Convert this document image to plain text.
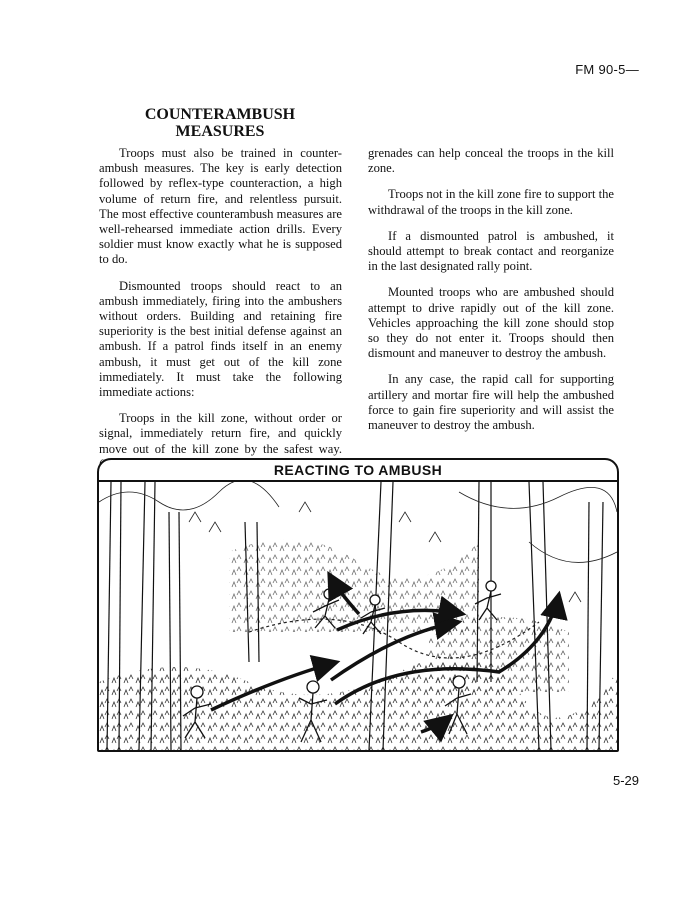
FM 90-5—
COUNTERAMBUSH
MEASURES

Troops must also be trained in counter-ambush measures. The key is early detection followed by reflex-type counteraction, a high volume of return fire, and relentless pursuit. The most effective counterambush measures are well-rehearsed immediate action drills. Every soldier must know exactly what he is supposed to do.

Dismounted troops should react to an ambush immediately, firing into the ambushers without orders. Building and retaining fire superiority is the best initial defense against an ambush. If a patrol finds itself in an enemy ambush, it must get out of the kill zone immediately. It must take the following immediate actions:

Troops in the kill zone, without order or signal, immediately return fire, and quickly move out of the kill zone by the safest way.

grenades can help conceal the troops in the kill zone.

Troops not in the kill zone fire to support the withdrawal of the troops in the kill zone.

If a dismounted patrol is ambushed, it should attempt to break contact and reorganize in the last designated rally point.

Mounted troops who are ambushed should attempt to drive rapidly out of the kill zone. Vehicles approaching the kill zone should stop so they do not enter it. Troops should then dismount and maneuver to destroy the ambush.

In any case, the rapid call for supporting artillery and mortar fire will help the ambushed force to gain fire superiority and will assist the maneuver to destroy the ambush.

REACTING TO AMBUSH
5-29
